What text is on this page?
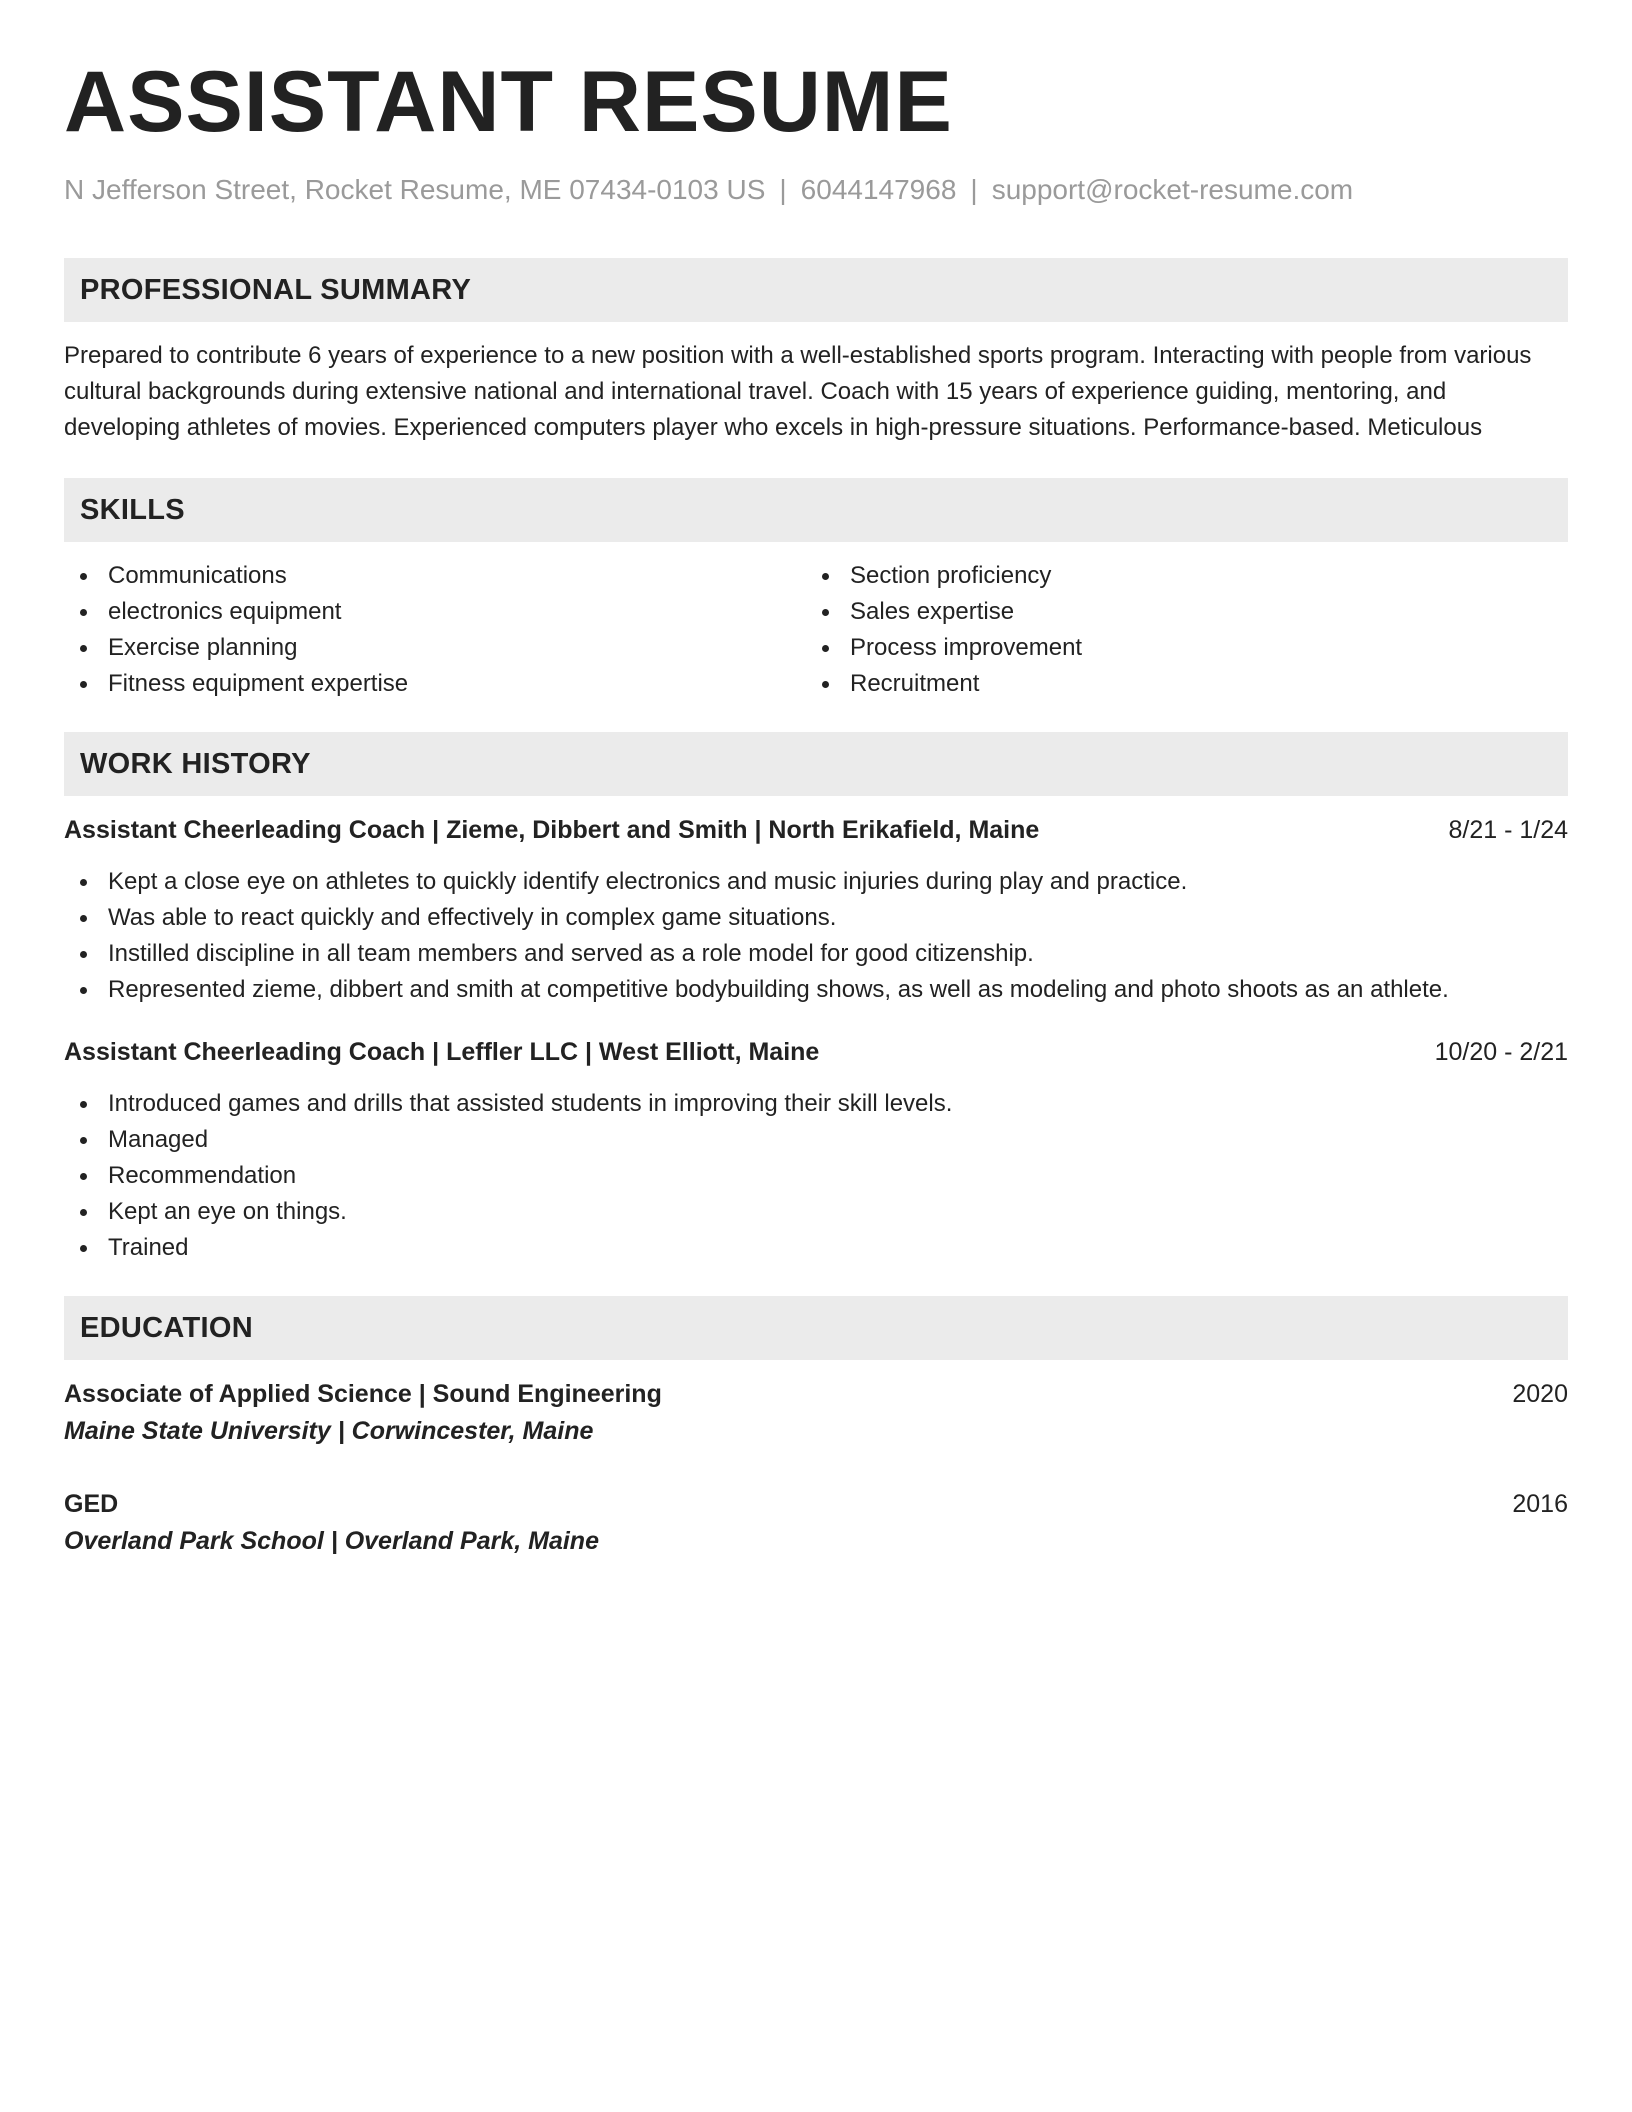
ASSISTANT RESUME
N Jefferson Street, Rocket Resume, ME 07434-0103 US | 6044147968 | support@rocket-resume.com
PROFESSIONAL SUMMARY
Prepared to contribute 6 years of experience to a new position with a well-established sports program. Interacting with people from various cultural backgrounds during extensive national and international travel. Coach with 15 years of experience guiding, mentoring, and developing athletes of movies. Experienced computers player who excels in high-pressure situations. Performance-based. Meticulous
SKILLS
Communications
electronics equipment
Exercise planning
Fitness equipment expertise
Section proficiency
Sales expertise
Process improvement
Recruitment
WORK HISTORY
Assistant Cheerleading Coach | Zieme, Dibbert and Smith | North Erikafield, Maine	8/21 - 1/24
Kept a close eye on athletes to quickly identify electronics and music injuries during play and practice.
Was able to react quickly and effectively in complex game situations.
Instilled discipline in all team members and served as a role model for good citizenship.
Represented zieme, dibbert and smith at competitive bodybuilding shows, as well as modeling and photo shoots as an athlete.
Assistant Cheerleading Coach | Leffler LLC | West Elliott, Maine	10/20 - 2/21
Introduced games and drills that assisted students in improving their skill levels.
Managed
Recommendation
Kept an eye on things.
Trained
EDUCATION
Associate of Applied Science | Sound Engineering	2020
Maine State University | Corwincester, Maine
GED	2016
Overland Park School | Overland Park, Maine
